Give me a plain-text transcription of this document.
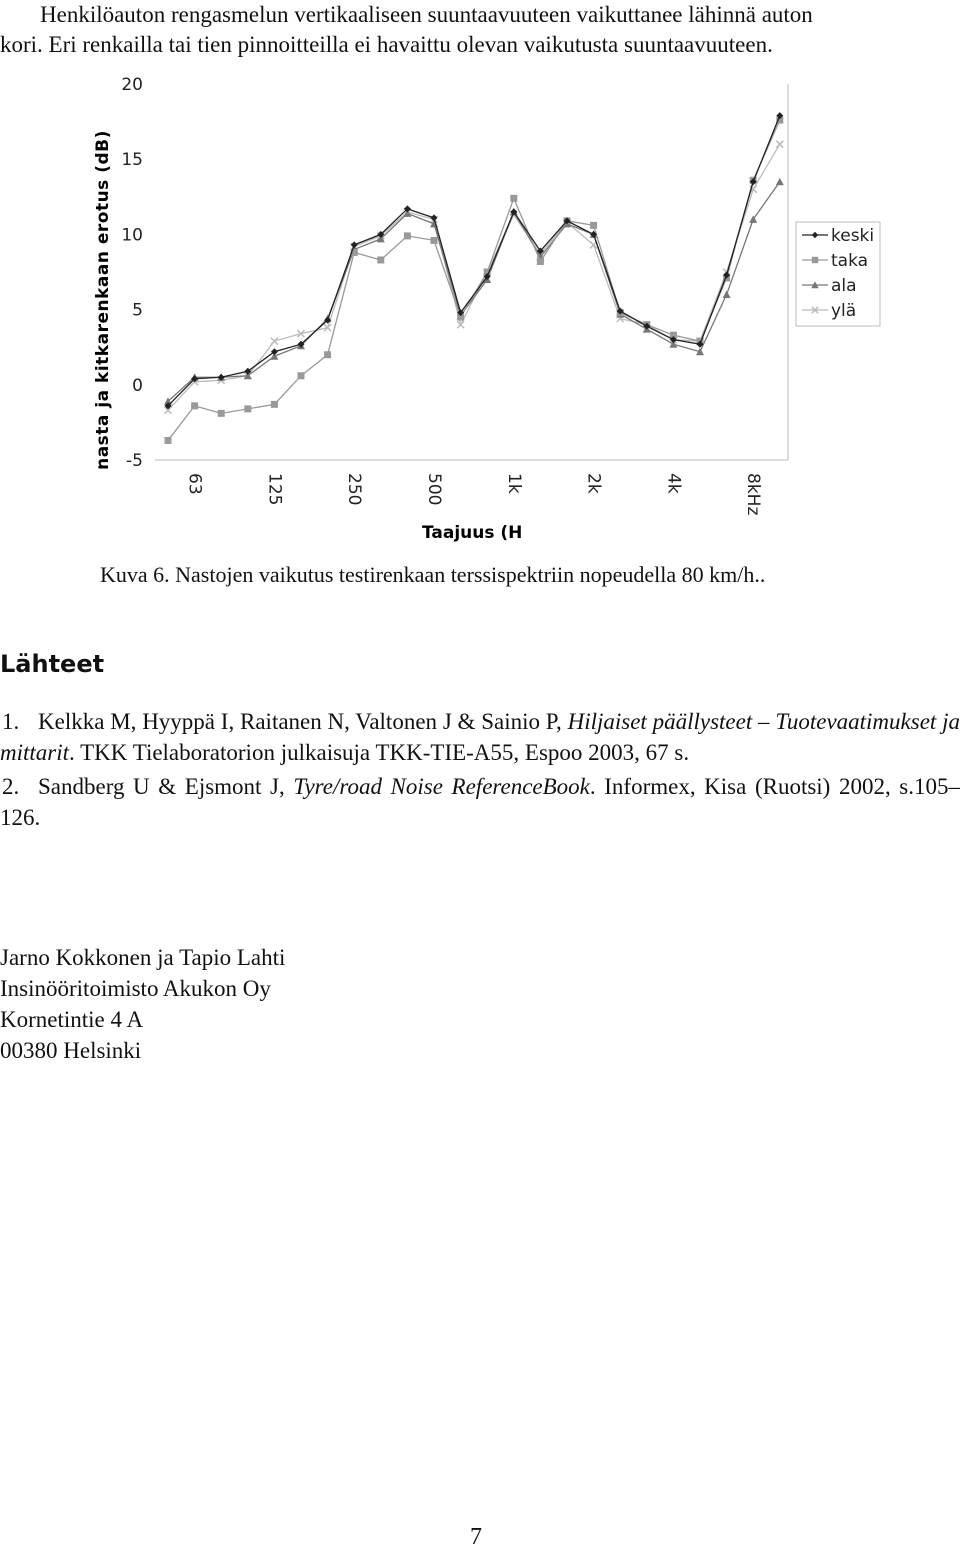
Henkilöauton rengasmelun vertikaaliseen suuntaavuuteen vaikuttanee lähinnä auton
kori. Eri renkailla tai tien pinnoitteilla ei havaittu olevan vaikutusta suuntaavuuteen.
-5
0
5
10
15
20
63	125	250	500	1k	2k	4k	8kHz
nasta ja kitkarenkaan erotus (dB)
Taajuus (H
keski
taka
ala
ylä

Kuva 6. Nastojen vaikutus testirenkaan terssispektriin nopeudella 80 km/h..

Lähteet
1. Kelkka M, Hyyppä I, Raitanen N, Valtonen J & Sainio P, Hiljaiset päällysteet – Tuotevaatimukset ja mittarit. TKK Tielaboratorion julkaisuja TKK-TIE-A55, Espoo 2003, 67 s.
2. Sandberg U & Ejsmont J, Tyre/road Noise ReferenceBook. Informex, Kisa (Ruotsi) 2002, s.105–126.
Jarno Kokkonen ja Tapio Lahti
Insinööritoimisto Akukon Oy
Kornetintie 4 A
00380 Helsinki

7
